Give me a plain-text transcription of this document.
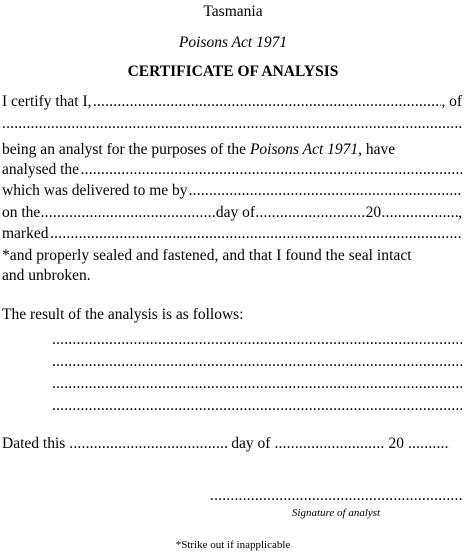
Tasmania
Poisons Act 1971
CERTIFICATE OF ANALYSIS
I certify that I, .....	, of
.....
being an analyst for the purposes of the Poisons Act 1971, have
analysed the
.....
which was delivered to me by
.....
on the .....	day of .....	20 .....	,
marked
.....
*and properly sealed and fastened, and that I found the seal intact
and unbroken.
The result of the analysis is as follows:
.....
.....
.....
.....
Dated this .....	day of .....	20
.....
.....
Signature of analyst
*Strike out if inapplicable
